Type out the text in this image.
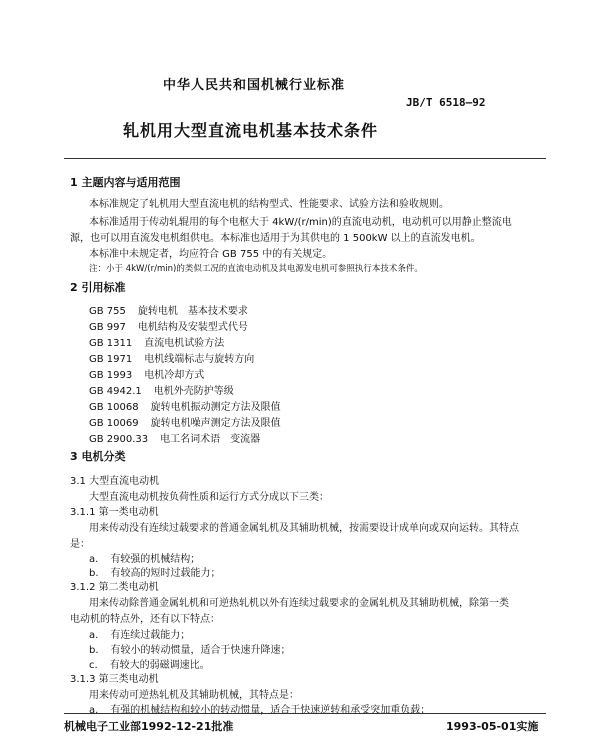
中华人民共和国机械行业标准
JB/T 6518—92
轧机用大型直流电机基本技术条件
1 主题内容与适用范围
本标准规定了轧机用大型直流电机的结构型式、性能要求、试验方法和验收规则。
本标准适用于传动轧辊用的每个电枢大于 4kW/(r/min)的直流电动机，电动机可以用静止整流电
源，也可以用直流发电机组供电。本标准也适用于为其供电的 1 500kW 以上的直流发电机。
本标准中未规定者，均应符合 GB 755 中的有关规定。
注：小于 4kW/(r/min)的类似工况的直流电动机及其电源发电机可参照执行本技术条件。
2 引用标准
GB 755 旋转电机　基本技术要求
GB 997 电机结构及安装型式代号
GB 1311 直流电机试验方法
GB 1971 电机线端标志与旋转方向
GB 1993 电机冷却方式
GB 4942.1 电机外壳防护等级
GB 10068 旋转电机振动测定方法及限值
GB 10069 旋转电机噪声测定方法及限值
GB 2900.33 电工名词术语　变流器
3 电机分类
3.1 大型直流电动机
大型直流电动机按负荷性质和运行方式分成以下三类：
3.1.1 第一类电动机
用来传动没有连续过载要求的普通金属轧机及其辅助机械，按需要设计成单向或双向运转。其特点
是：
a. 有较强的机械结构；
b. 有较高的短时过载能力；
3.1.2 第二类电动机
用来传动除普通金属轧机和可逆热轧机以外有连续过载要求的金属轧机及其辅助机械，除第一类
电动机的特点外，还有以下特点：
a. 有连续过载能力；
b. 有较小的转动惯量，适合于快速升降速；
c. 有较大的弱磁调速比。
3.1.3 第三类电动机
用来传动可逆热轧机及其辅助机械，其特点是：
a. 有强的机械结构和较小的转动惯量，适合于快速逆转和承受突加重负载；
机械电子工业部1992-12-21批准	1993-05-01实施
